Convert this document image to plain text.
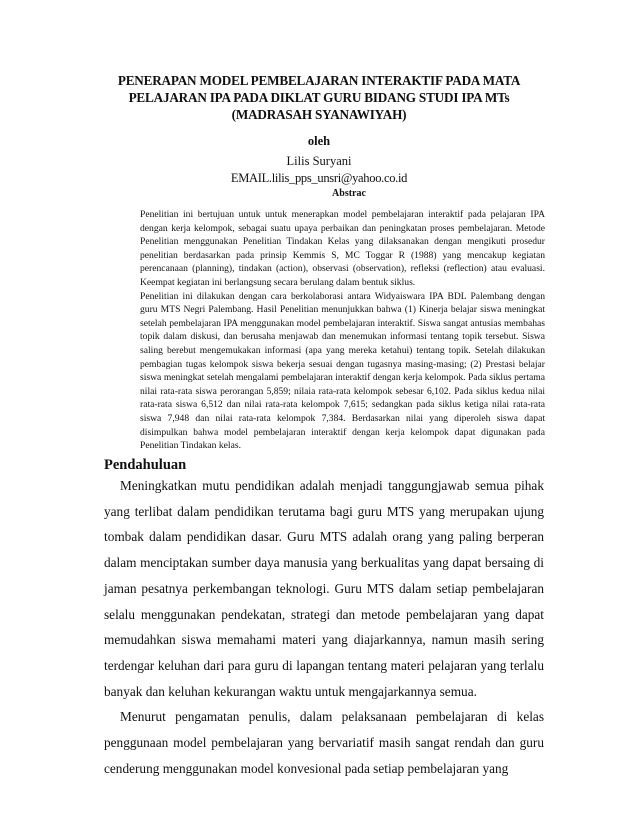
PENERAPAN MODEL PEMBELAJARAN INTERAKTIF PADA MATA
PELAJARAN IPA PADA DIKLAT GURU BIDANG STUDI IPA MTs
(MADRASAH SYANAWIYAH)
oleh
Lilis Suryani
EMAIL.lilis_pps_unsri@yahoo.co.id
Abstrac

Penelitian ini bertujuan untuk untuk menerapkan model pembelajaran interaktif pada pelajaran IPA dengan kerja kelompok, sebagai suatu upaya perbaikan dan peningkatan proses pembelajaran. Metode Penelitian menggunakan Penelitian Tindakan Kelas yang dilaksanakan dengan mengikuti prosedur penelitian berdasarkan pada prinsip Kemmis S, MC Toggar R (1988) yang mencakup kegiatan perencanaan (planning), tindakan (action), observasi (observation), refleksi (reflection) atau evaluasi. Keempat kegiatan ini berlangsung secara berulang dalam bentuk siklus.

Penelitian ini dilakukan dengan cara berkolaborasi antara Widyaiswara IPA BDL Palembang dengan guru MTS Negri Palembang. Hasil Penelitian menunjukkan bahwa (1) Kinerja belajar siswa meningkat setelah pembelajaran IPA menggunakan model pembelajaran interaktif. Siswa sangat antusias membahas topik dalam diskusi, dan berusaha menjawab dan menemukan informasi tentang topik tersebut. Siswa saling berebut mengemukakan informasi (apa yang mereka ketahui) tentang topik. Setelah dilakukan pembagian tugas kelompok siswa bekerja sesuai dengan tugasnya masing-masing; (2) Prestasi belajar siswa meningkat setelah mengalami pembelajaran interaktif dengan kerja kelompok. Pada siklus pertama nilai rata-rata siswa perorangan 5,859; nilaia rata-rata kelompok sebesar 6,102. Pada siklus kedua nilai rata-rata siswa 6,512 dan nilai rata-rata kelompok 7,615; sedangkan pada siklus ketiga nilai rata-rata siswa 7,948 dan nilai rata-rata kelompok 7,384. Berdasarkan nilai yang diperoleh siswa dapat disimpulkan bahwa model pembelajaran interaktif dengan kerja kelompok dapat digunakan pada Penelitian Tindakan kelas.

Pendahuluan

Meningkatkan mutu pendidikan adalah menjadi tanggungjawab semua pihak yang terlibat dalam pendidikan terutama bagi guru MTS yang merupakan ujung tombak dalam pendidikan dasar. Guru MTS adalah orang yang paling berperan dalam menciptakan sumber daya manusia yang berkualitas yang dapat bersaing di jaman pesatnya perkembangan teknologi. Guru MTS dalam setiap pembelajaran selalu menggunakan pendekatan, strategi dan metode pembelajaran yang dapat memudahkan siswa memahami materi yang diajarkannya, namun masih sering terdengar keluhan dari para guru di lapangan tentang materi pelajaran yang terlalu banyak dan keluhan kekurangan waktu untuk mengajarkannya semua.

Menurut pengamatan penulis, dalam pelaksanaan pembelajaran di kelas penggunaan model pembelajaran yang bervariatif masih sangat rendah dan guru cenderung menggunakan model konvesional pada setiap pembelajaran yang
